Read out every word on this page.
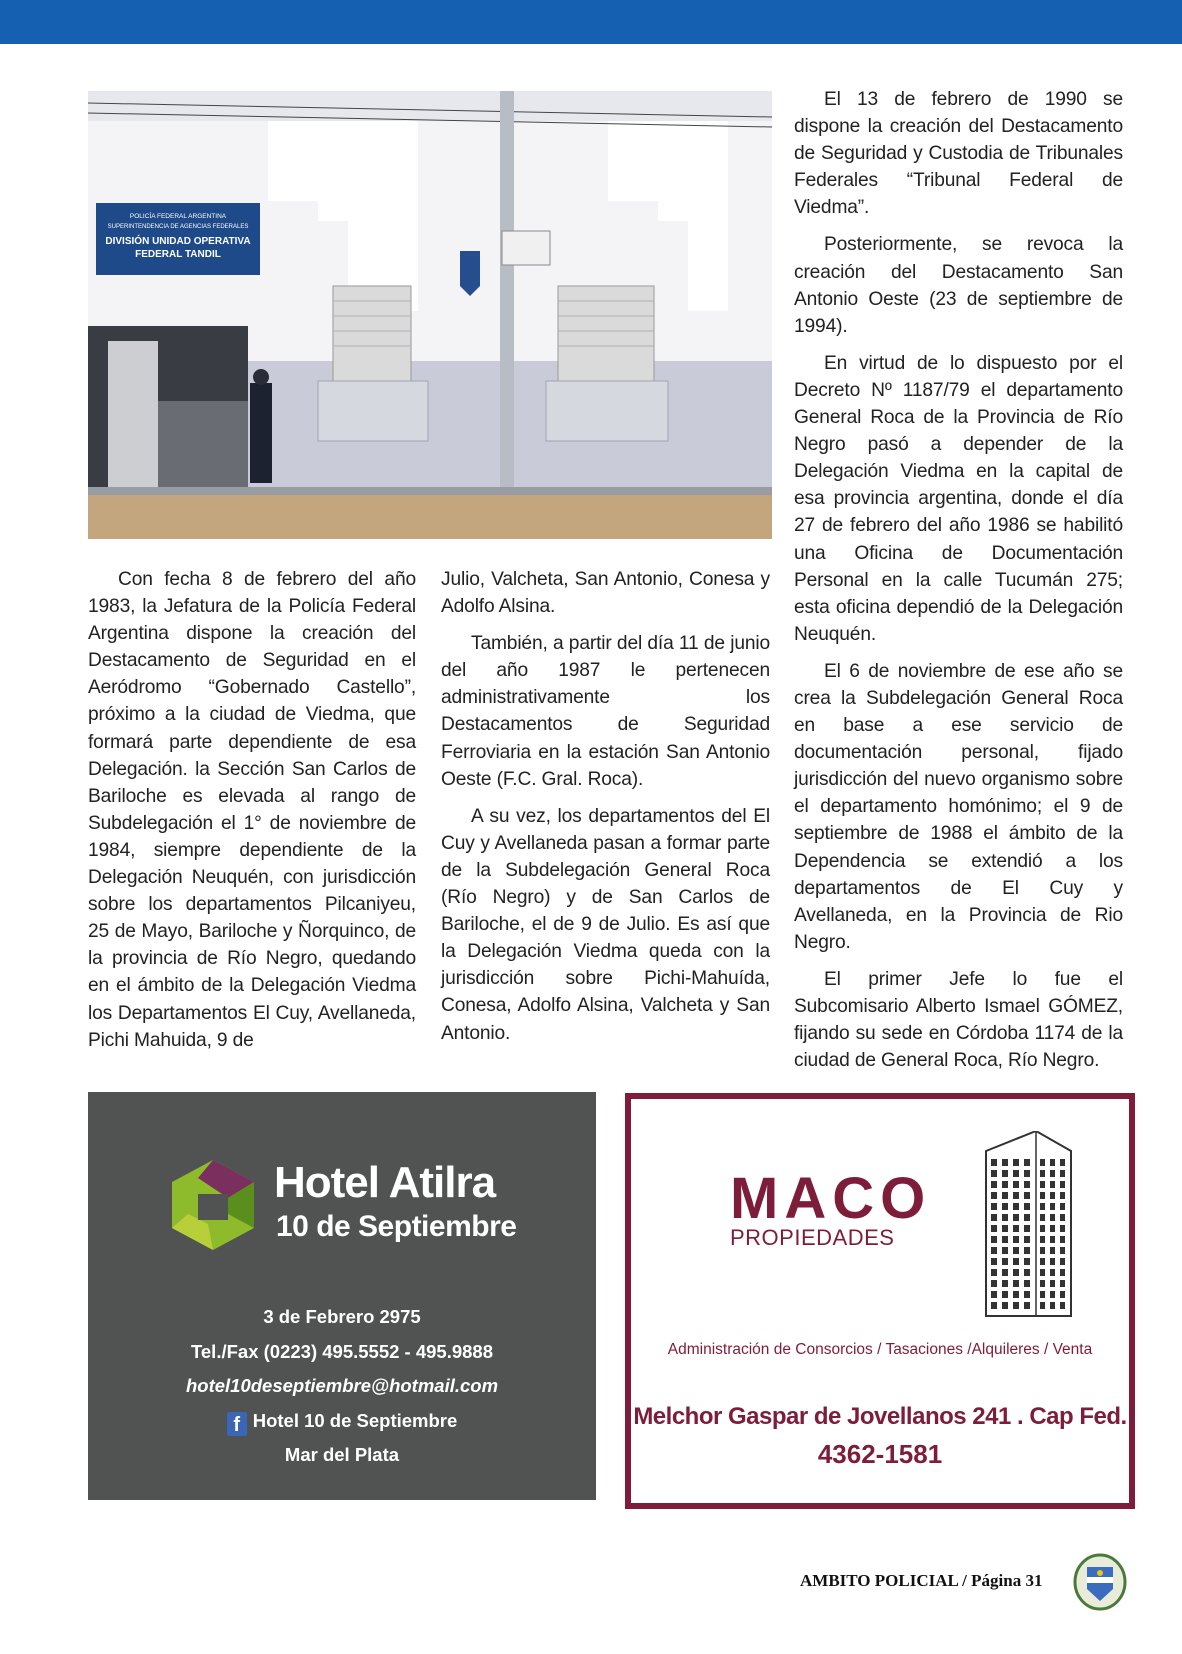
POLICÍA FEDERAL ARGENTINA
SUPERINTENDENCIA DE AGENCIAS FEDERALES
DIVISIÓN UNIDAD OPERATIVA
FEDERAL TANDIL

Con fecha 8 de febrero del año 1983, la Jefatura de la Policía Federal Argentina dispone la creación del Destacamento de Seguridad en el Aeródromo “Gobernado Castello”, próximo a la ciudad de Viedma, que formará parte dependiente de esa Delegación. la Sección San Carlos de Bariloche es elevada al rango de Subdelegación el 1° de noviembre de 1984, siempre dependiente de la Delegación Neuquén, con jurisdicción sobre los departamentos Pilcaniyeu, 25 de Mayo, Bariloche y Ñorquinco, de la provincia de Río Negro, quedando en el ámbito de la Delegación Viedma los Departamentos El Cuy, Avellaneda, Pichi Mahuida, 9 de

Julio, Valcheta, San Antonio, Conesa y Adolfo Alsina.

También, a partir del día 11 de junio del año 1987 le pertenecen administrativamente los Destacamentos de Seguridad Ferroviaria en la estación San Antonio Oeste (F.C. Gral. Roca).

A su vez, los departamentos del El Cuy y Avellaneda pasan a formar parte de la Subdelegación General Roca (Río Negro) y de San Carlos de Bariloche, el de 9 de Julio. Es así que la Delegación Viedma queda con la jurisdicción sobre Pichi-Mahuída, Conesa, Adolfo Alsina, Valcheta y San Antonio.

El 13 de febrero de 1990 se dispone la creación del Destacamento de Seguridad y Custodia de Tribunales Federales “Tribunal Federal de Viedma”.

Posteriormente, se revoca la creación del Destacamento San Antonio Oeste (23 de septiembre de 1994).

En virtud de lo dispuesto por el Decreto Nº 1187/79 el departamento General Roca de la Provincia de Río Negro pasó a depender de la Delegación Viedma en la capital de esa provincia argentina, donde el día 27 de febrero del año 1986 se habilitó una Oficina de Documentación Personal en la calle Tucumán 275; esta oficina dependió de la Delegación Neuquén.

El 6 de noviembre de ese año se crea la Subdelegación General Roca en base a ese servicio de documentación personal, fijado jurisdicción del nuevo organismo sobre el departamento homónimo; el 9 de septiembre de 1988 el ámbito de la Dependencia se extendió a los departamentos de El Cuy y Avellaneda, en la Provincia de Rio Negro.

El primer Jefe lo fue el Subcomisario Alberto Ismael GÓMEZ, fijando su sede en Córdoba 1174 de la ciudad de General Roca, Río Negro.

Hotel Atilra
10 de Septiembre
3 de Febrero 2975
Tel./Fax (0223) 495.5552 - 495.9888
hotel10deseptiembre@hotmail.com
f Hotel 10 de Septiembre
Mar del Plata
MACO
PROPIEDADES
Administración de Consorcios / Tasaciones /Alquileres / Venta
Melchor Gaspar de Jovellanos 241 . Cap Fed.
4362-1581
AMBITO POLICIAL / Página 31
